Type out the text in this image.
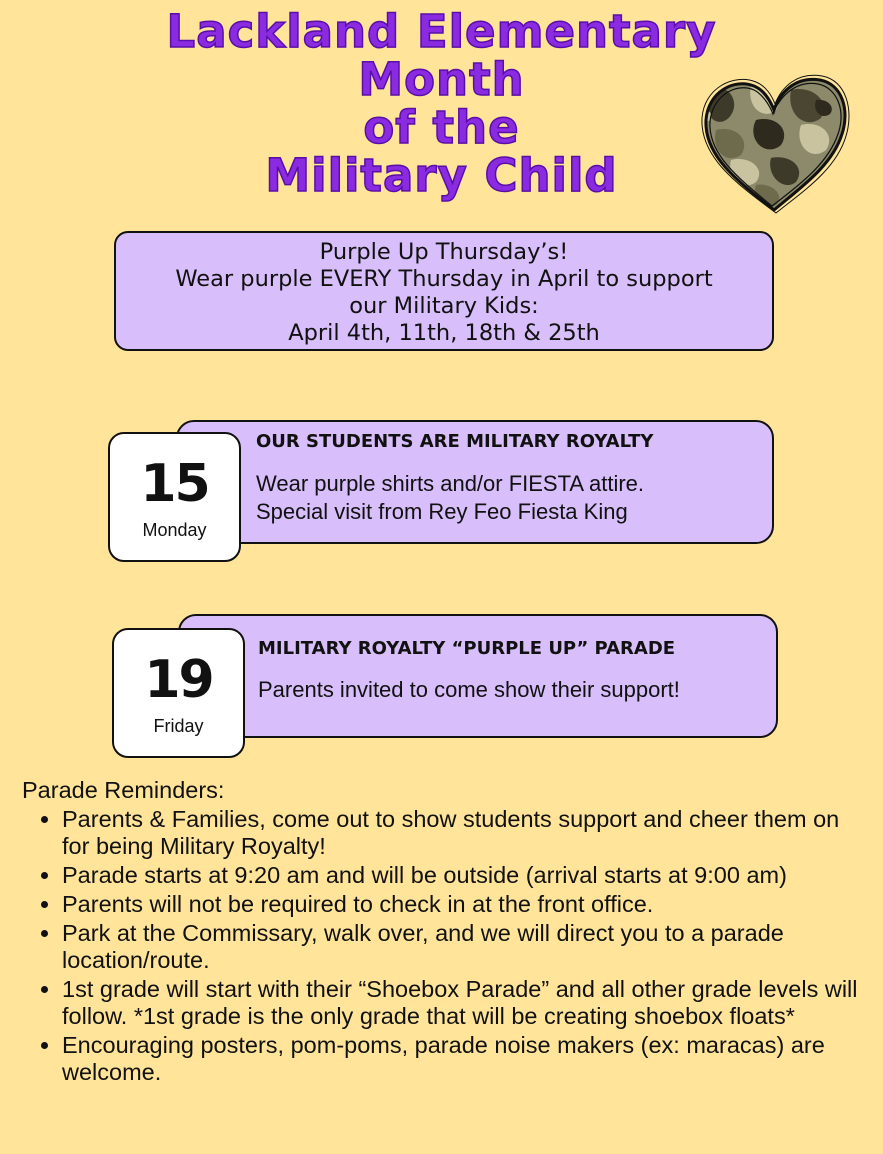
Lackland Elementary
Month
of the
Military Child
Purple Up Thursday’s!
Wear purple EVERY Thursday in April to support
our Military Kids:
April 4th, 11th, 18th & 25th
OUR STUDENTS ARE MILITARY ROYALTY
Wear purple shirts and/or FIESTA attire.
Special visit from Rey Feo Fiesta King
15
Monday
MILITARY ROYALTY “PURPLE UP” PARADE
Parents invited to come show their support!
19
Friday
Parade Reminders:
• Parents & Families, come out to show students support and cheer them on for being Military Royalty!
• Parade starts at 9:20 am and will be outside (arrival starts at 9:00 am)
• Parents will not be required to check in at the front office.
• Park at the Commissary, walk over, and we will direct you to a parade location/route.
• 1st grade will start with their “Shoebox Parade” and all other grade levels will follow. *1st grade is the only grade that will be creating shoebox floats*
• Encouraging posters, pom-poms, parade noise makers (ex: maracas) are welcome.
